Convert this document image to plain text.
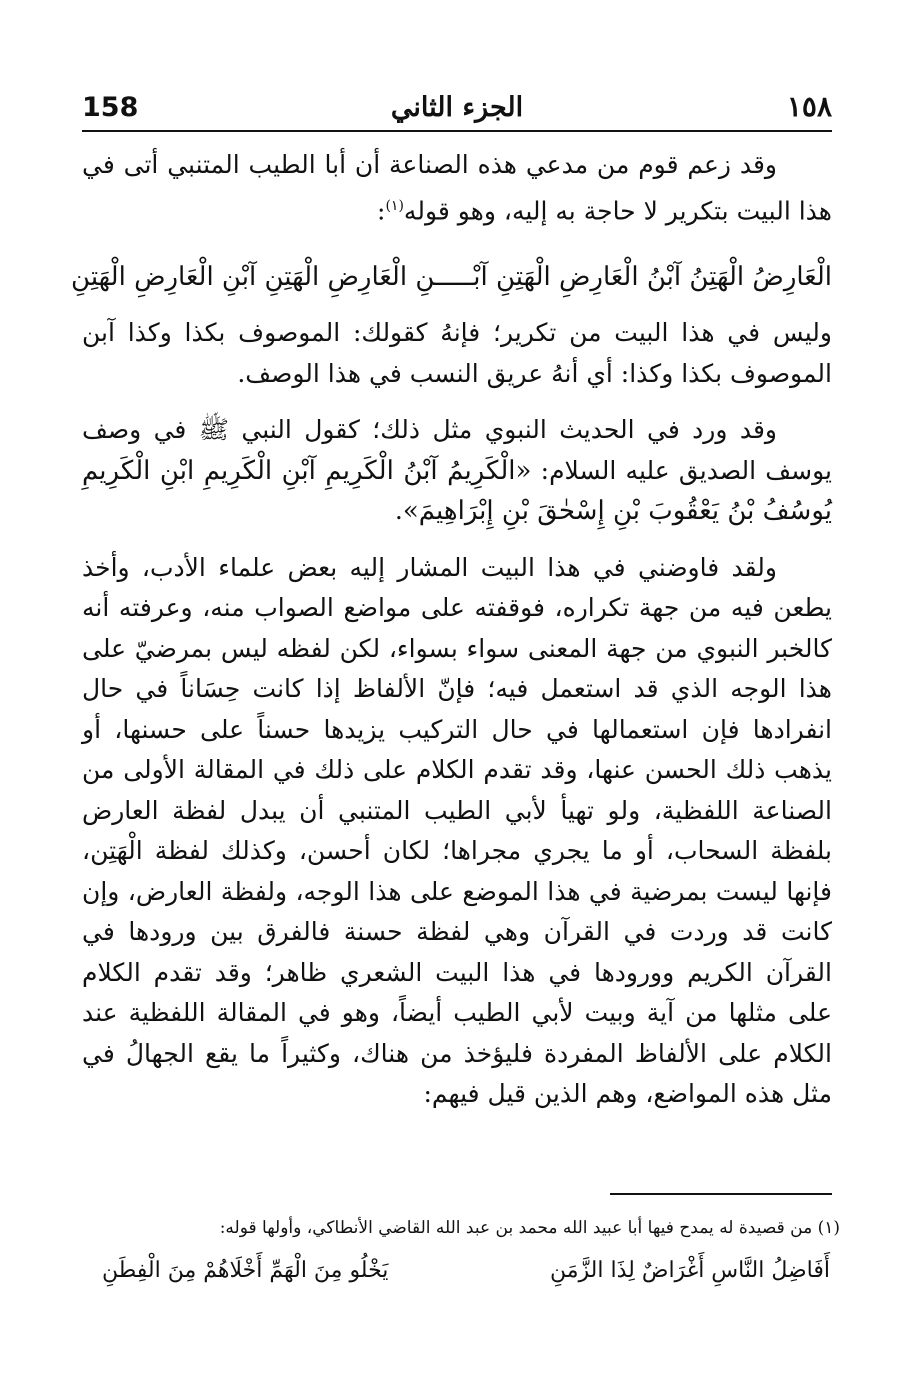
158	الجزء الثاني	١٥٨

وقد زعم قوم من مدعي هذه الصناعة أن أبا الطيب المتنبي أتى في هذا البيت بتكرير لا حاجة به إليه، وهو قوله$^{(١)}$:

الْعَارِضُ الْهَتِنُ آبْنُ الْعَارِضِ الْهَتِنِ آبْـــــنِ الْعَارِضِ الْهَتِنِ آبْنِ الْعَارِضِ الْهَتِنِ

وليس في هذا البيت من تكرير؛ فإنهُ كقولك: الموصوف بكذا وكذا آبن الموصوف بكذا وكذا: أي أنهُ عريق النسب في هذا الوصف.

وقد ورد في الحديث النبوي مثل ذلك؛ كقول النبي ﷺ في وصف يوسف الصديق عليه السلام: «الْكَرِيمُ آبْنُ الْكَرِيمِ آبْنِ الْكَرِيمِ ابْنِ الْكَرِيمِ يُوسُفُ بْنُ يَعْقُوبَ بْنِ إِسْحٰقَ بْنِ إِبْرَاهِيمَ».

ولقد فاوضني في هذا البيت المشار إليه بعض علماء الأدب، وأخذ يطعن فيه من جهة تكراره، فوقفته على مواضع الصواب منه، وعرفته أنه كالخبر النبوي من جهة المعنى سواء بسواء، لكن لفظه ليس بمرضيّ على هذا الوجه الذي قد استعمل فيه؛ فإنّ الألفاظ إذا كانت حِسَاناً في حال انفرادها فإن استعمالها في حال التركيب يزيدها حسناً على حسنها، أو يذهب ذلك الحسن عنها، وقد تقدم الكلام على ذلك في المقالة الأولى من الصناعة اللفظية، ولو تهيأ لأبي الطيب المتنبي أن يبدل لفظة العارض بلفظة السحاب، أو ما يجري مجراها؛ لكان أحسن، وكذلك لفظة الْهَتِن، فإنها ليست بمرضية في هذا الموضع على هذا الوجه، ولفظة العارض، وإن كانت قد وردت في القرآن وهي لفظة حسنة فالفرق بين ورودها في القرآن الكريم وورودها في هذا البيت الشعري ظاهر؛ وقد تقدم الكلام على مثلها من آية وبيت لأبي الطيب أيضاً، وهو في المقالة اللفظية عند الكلام على الألفاظ المفردة فليؤخذ من هناك، وكثيراً ما يقع الجهالُ في مثل هذه المواضع، وهم الذين قيل فيهم:

(١) من قصيدة له يمدح فيها أبا عبيد الله محمد بن عبد الله القاضي الأنطاكي، وأولها قوله:

أَفَاضِلُ النَّاسِ أَغْرَاضٌ لِذَا الزَّمَنِ
يَخْلُو مِنَ الْهَمِّ أَخْلَاهُمْ مِنَ الْفِطَنِ
